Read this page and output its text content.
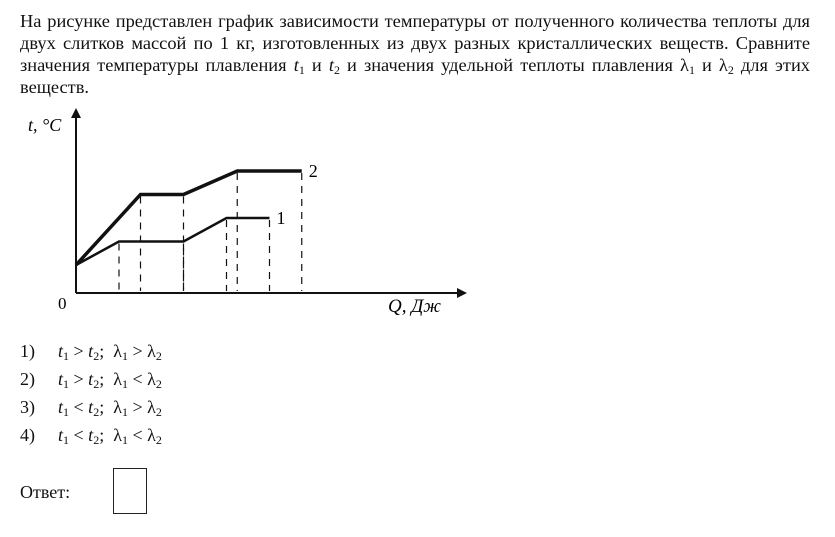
На рисунке представлен график зависимости температуры от полученного количества теплоты для двух слитков массой по 1 кг, изготовленных из двух разных кристаллических веществ. Сравните значения температуры плавления $t_1$ и $t_2$ и значения удельной теплоты плавления $\lambda_1$ и $\lambda_2$ для этих веществ.

t, °C
Q, Дж
0
1
2
1) $t_1 > t_2$;  $\lambda_1 > \lambda_2$
2) $t_1 > t_2$;  $\lambda_1 < \lambda_2$
3) $t_1 < t_2$;  $\lambda_1 > \lambda_2$
4) $t_1 < t_2$;  $\lambda_1 < \lambda_2$
Ответ:
